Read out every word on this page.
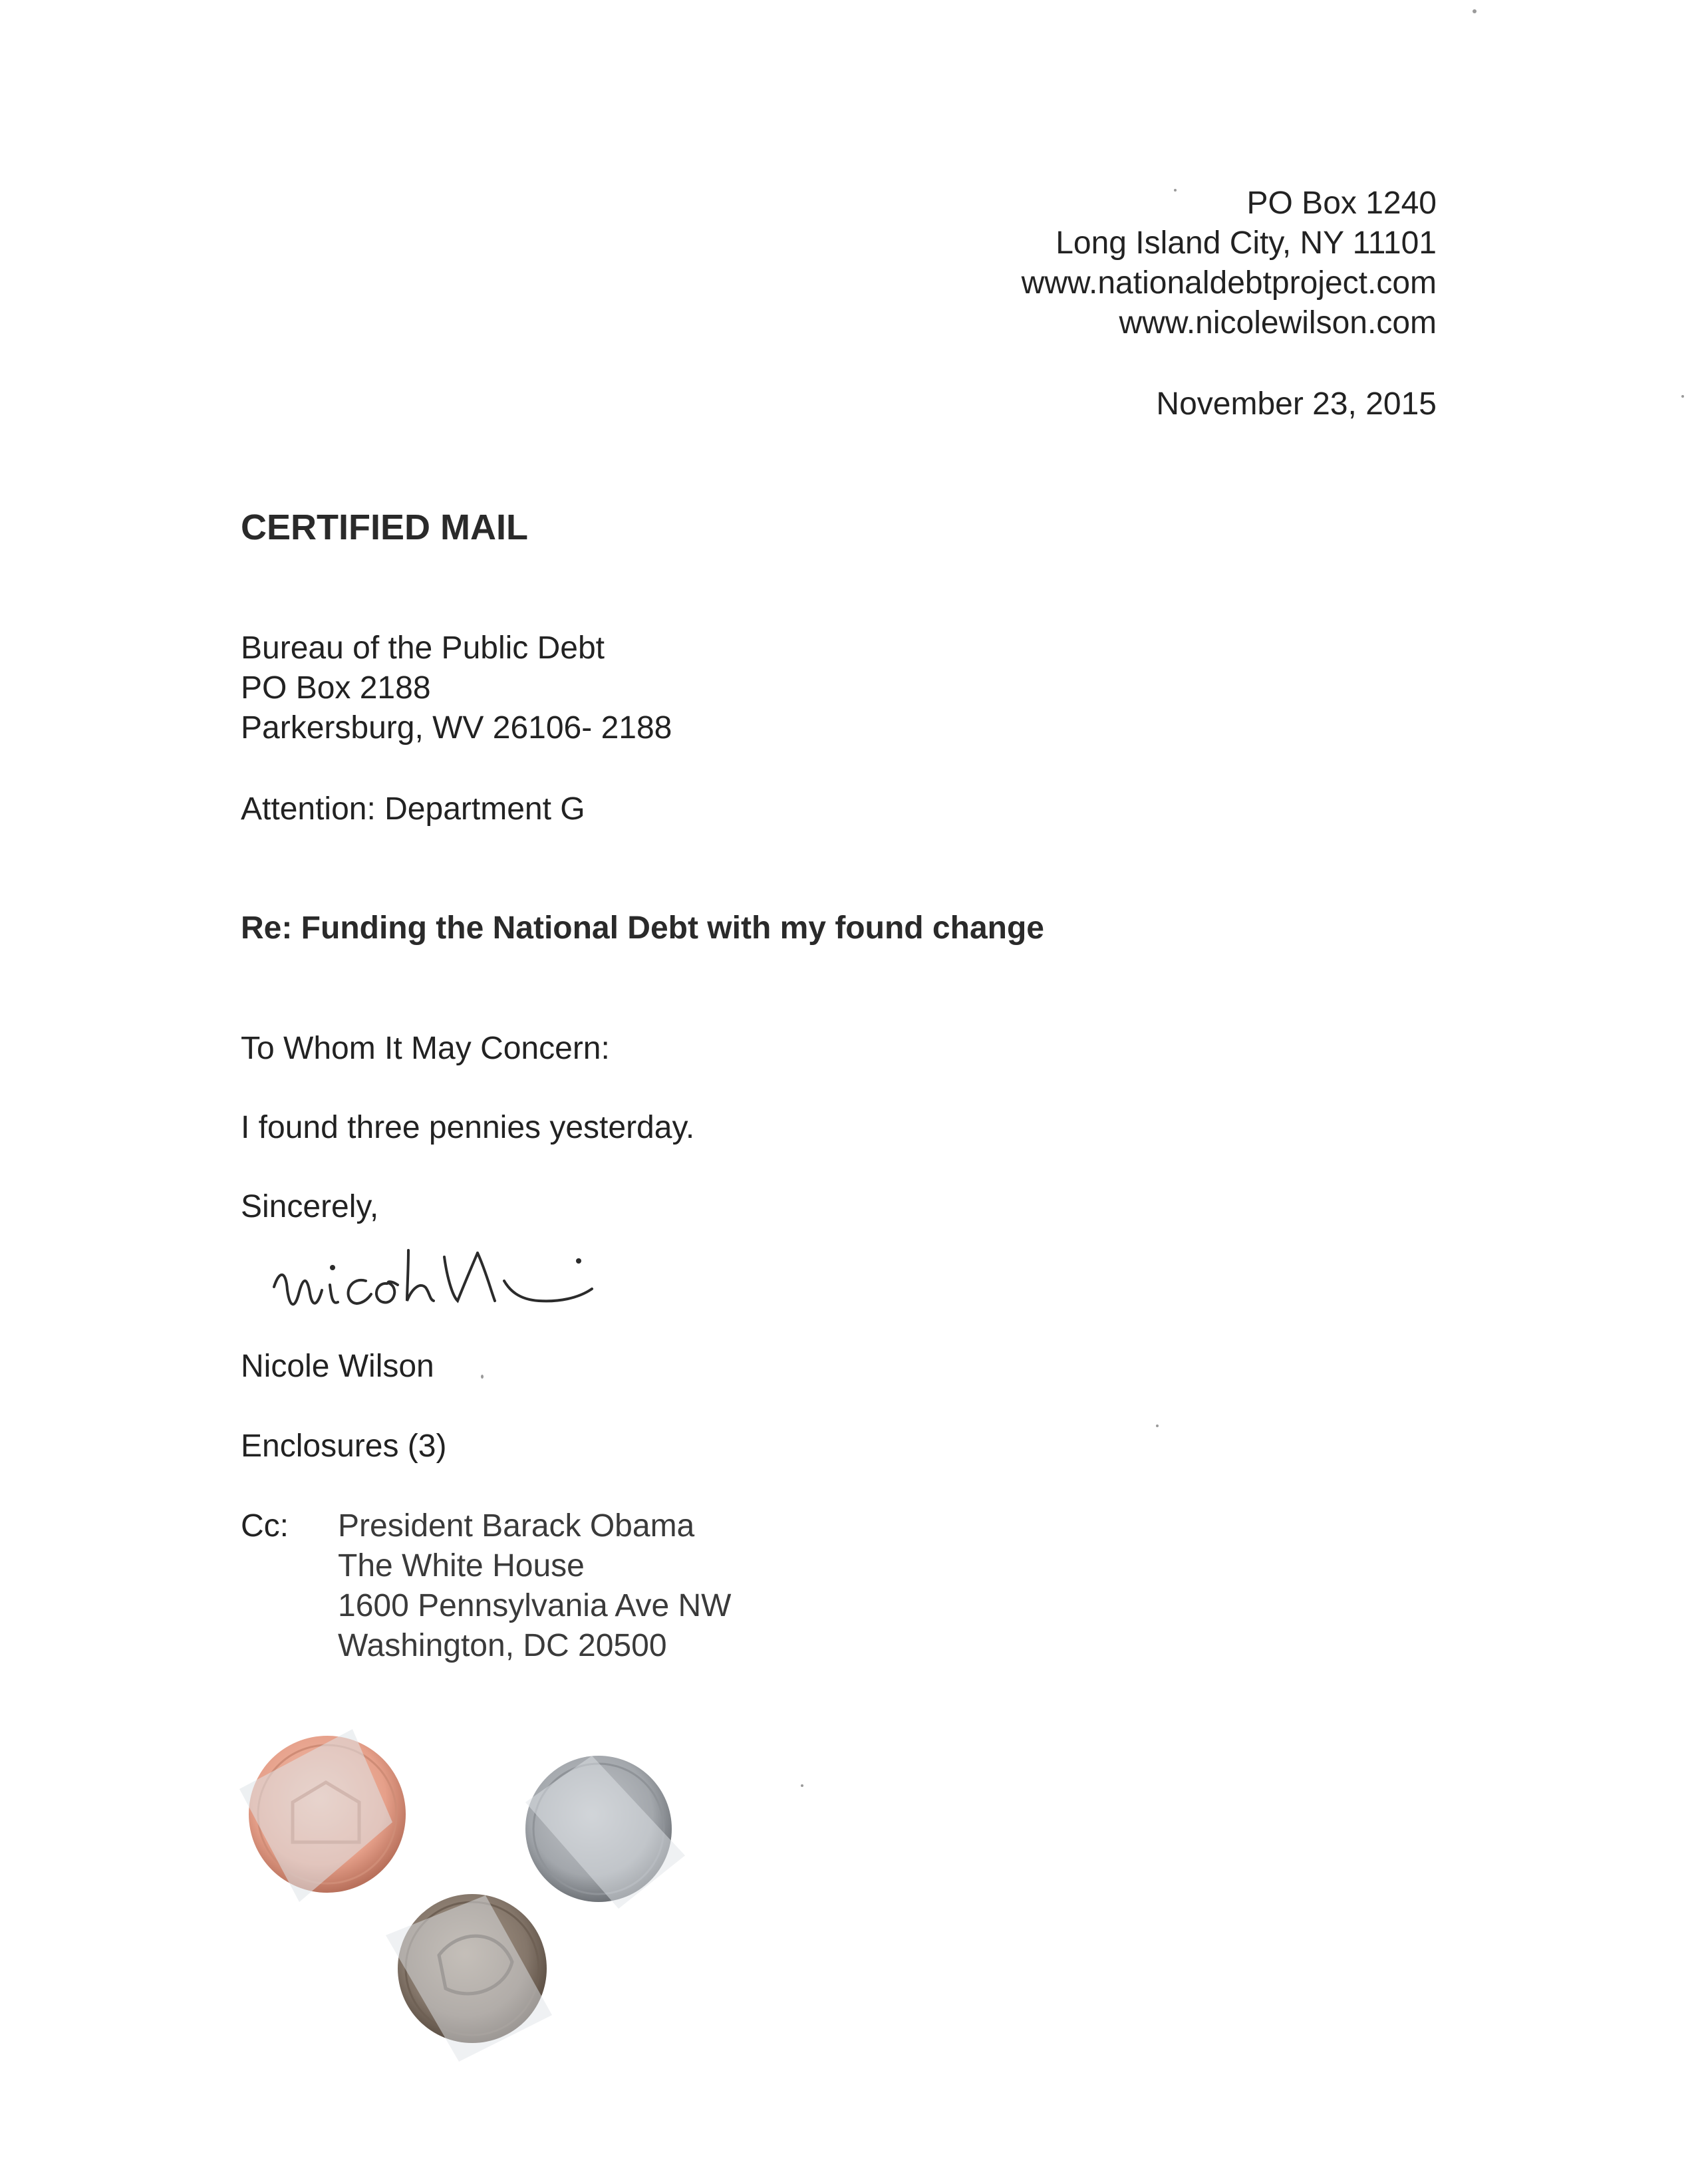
PO Box 1240
Long Island City, NY 11101
www.nationaldebtproject.com
www.nicolewilson.com
November 23, 2015
CERTIFIED MAIL
Bureau of the Public Debt
PO Box 2188
Parkersburg, WV 26106- 2188
Attention: Department G
Re: Funding the National Debt with my found change
To Whom It May Concern:
I found three pennies yesterday.
Sincerely,
Nicole Wilson
Enclosures (3)
Cc: President Barack Obama
The White House
1600 Pennsylvania Ave NW
Washington, DC 20500
